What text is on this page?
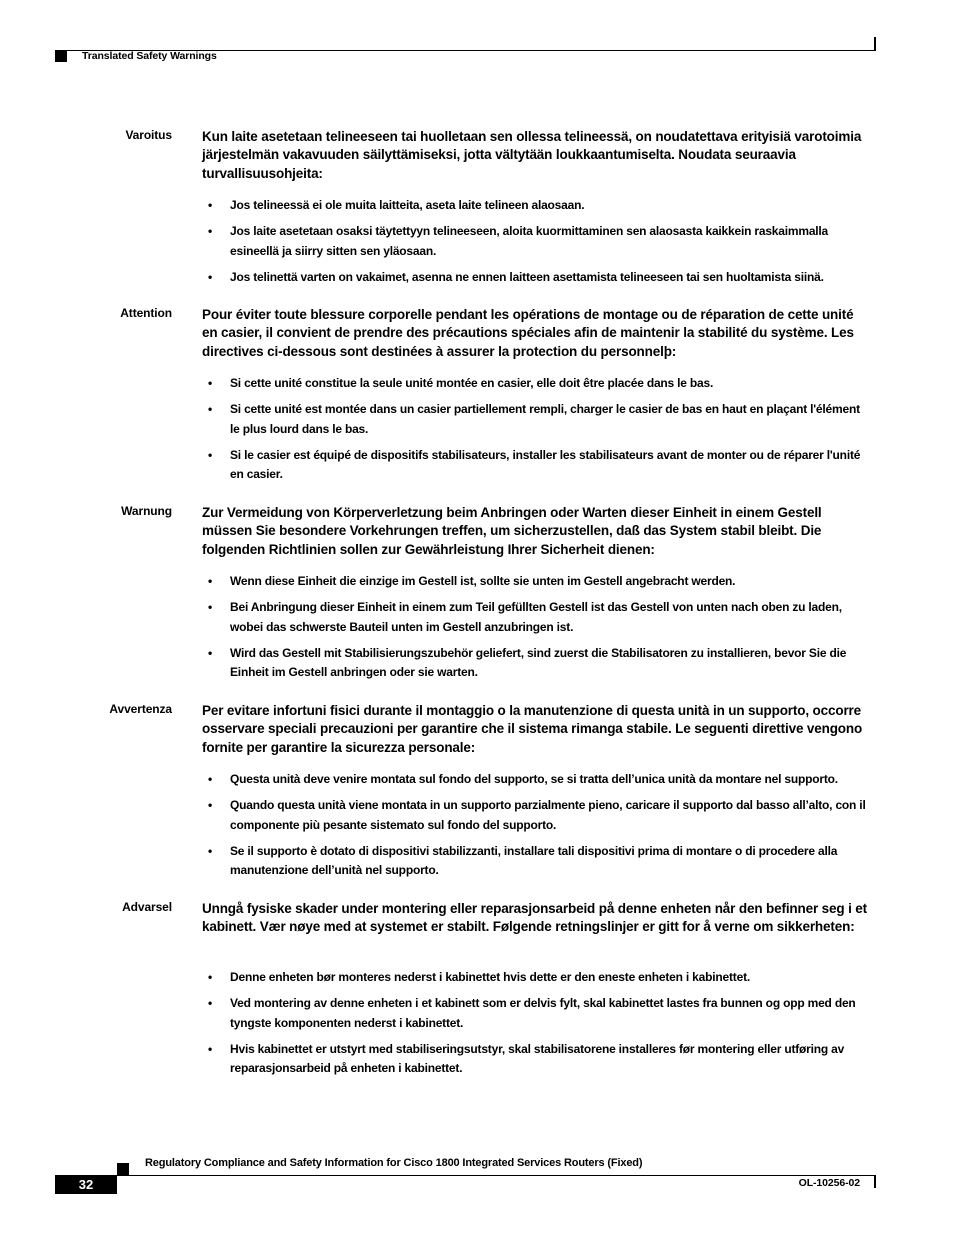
Translated Safety Warnings
Varoitus Kun laite asetetaan telineeseen tai huolletaan sen ollessa telineessä, on noudatettava erityisiä varotoimia järjestelmän vakavuuden säilyttämiseksi, jotta vältytään loukkaantumiselta. Noudata seuraavia turvallisuusohjeita:
• Jos telineessä ei ole muita laitteita, aseta laite telineen alaosaan.
• Jos laite asetetaan osaksi täytettyyn telineeseen, aloita kuormittaminen sen alaosasta kaikkein raskaimmalla esineellä ja siirry sitten sen yläosaan.
• Jos telinettä varten on vakaimet, asenna ne ennen laitteen asettamista telineeseen tai sen huoltamista siinä.
Attention Pour éviter toute blessure corporelle pendant les opérations de montage ou de réparation de cette unité en casier, il convient de prendre des précautions spéciales afin de maintenir la stabilité du système. Les directives ci-dessous sont destinées à assurer la protection du personnelþ:
• Si cette unité constitue la seule unité montée en casier, elle doit être placée dans le bas.
• Si cette unité est montée dans un casier partiellement rempli, charger le casier de bas en haut en plaçant l'élément le plus lourd dans le bas.
• Si le casier est équipé de dispositifs stabilisateurs, installer les stabilisateurs avant de monter ou de réparer l'unité en casier.
Warnung Zur Vermeidung von Körperverletzung beim Anbringen oder Warten dieser Einheit in einem Gestell müssen Sie besondere Vorkehrungen treffen, um sicherzustellen, daß das System stabil bleibt. Die folgenden Richtlinien sollen zur Gewährleistung Ihrer Sicherheit dienen:
• Wenn diese Einheit die einzige im Gestell ist, sollte sie unten im Gestell angebracht werden.
• Bei Anbringung dieser Einheit in einem zum Teil gefüllten Gestell ist das Gestell von unten nach oben zu laden, wobei das schwerste Bauteil unten im Gestell anzubringen ist.
• Wird das Gestell mit Stabilisierungszubehör geliefert, sind zuerst die Stabilisatoren zu installieren, bevor Sie die Einheit im Gestell anbringen oder sie warten.
Avvertenza Per evitare infortuni fisici durante il montaggio o la manutenzione di questa unità in un supporto, occorre osservare speciali precauzioni per garantire che il sistema rimanga stabile. Le seguenti direttive vengono fornite per garantire la sicurezza personale:
• Questa unità deve venire montata sul fondo del supporto, se si tratta dell’unica unità da montare nel supporto.
• Quando questa unità viene montata in un supporto parzialmente pieno, caricare il supporto dal basso all’alto, con il componente più pesante sistemato sul fondo del supporto.
• Se il supporto è dotato di dispositivi stabilizzanti, installare tali dispositivi prima di montare o di procedere alla manutenzione dell’unità nel supporto.
Advarsel Unngå fysiske skader under montering eller reparasjonsarbeid på denne enheten når den befinner seg i et kabinett. Vær nøye med at systemet er stabilt. Følgende retningslinjer er gitt for å verne om sikkerheten:
• Denne enheten bør monteres nederst i kabinettet hvis dette er den eneste enheten i kabinettet.
• Ved montering av denne enheten i et kabinett som er delvis fylt, skal kabinettet lastes fra bunnen og opp med den tyngste komponenten nederst i kabinettet.
• Hvis kabinettet er utstyrt med stabiliseringsutstyr, skal stabilisatorene installeres før montering eller utføring av reparasjonsarbeid på enheten i kabinettet.
Regulatory Compliance and Safety Information for Cisco 1800 Integrated Services Routers (Fixed)
32	OL-10256-02
